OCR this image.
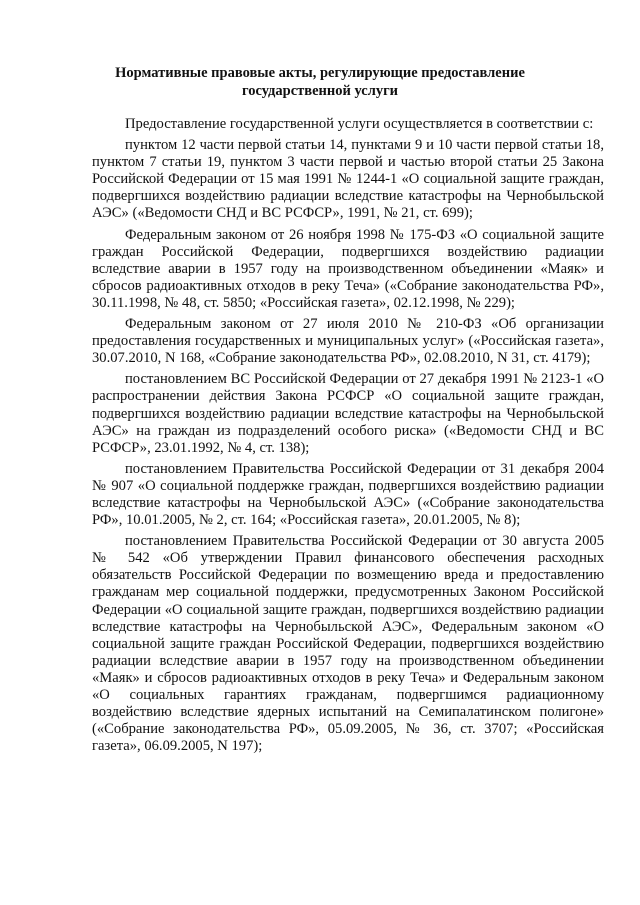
Нормативные правовые акты, регулирующие предоставление
государственной услуги

Предоставление государственной услуги осуществляется в соответствии с:

пунктом 12 части первой статьи 14, пунктами 9 и 10 части первой статьи 18, пунктом 7 статьи 19, пунктом 3 части первой и частью второй статьи 25 Закона Российской Федерации от 15 мая 1991 № 1244-1 «О социальной защите граждан, подвергшихся воздействию радиации вследствие катастрофы на Чернобыльской АЭС» («Ведомости СНД и ВС РСФСР», 1991, № 21, ст. 699);

Федеральным законом от 26 ноября 1998 № 175-ФЗ «О социальной защите граждан Российской Федерации, подвергшихся воздействию радиации вследствие аварии в 1957 году на производственном объединении «Маяк» и сбросов радиоактивных отходов в реку Теча» («Собрание законодательства РФ», 30.11.1998, № 48, ст. 5850; «Российская газета», 02.12.1998, № 229);

Федеральным законом от 27 июля 2010 № 210-ФЗ «Об организации предоставления государственных и муниципальных услуг» («Российская газета», 30.07.2010, N 168, «Собрание законодательства РФ», 02.08.2010, N 31, ст. 4179);

постановлением ВС Российской Федерации от 27 декабря 1991 № 2123-1 «О распространении действия Закона РСФСР «О социальной защите граждан, подвергшихся воздействию радиации вследствие катастрофы на Чернобыльской АЭС» на граждан из подразделений особого риска» («Ведомости СНД и ВС РСФСР», 23.01.1992, № 4, ст. 138);

постановлением Правительства Российской Федерации от 31 декабря 2004 № 907 «О социальной поддержке граждан, подвергшихся воздействию радиации вследствие катастрофы на Чернобыльской АЭС» («Собрание законодательства РФ», 10.01.2005, № 2, ст. 164; «Российская газета», 20.01.2005, № 8);

постановлением Правительства Российской Федерации от 30 августа 2005 № 542 «Об утверждении Правил финансового обеспечения расходных обязательств Российской Федерации по возмещению вреда и предоставлению гражданам мер социальной поддержки, предусмотренных Законом Российской Федерации «О социальной защите граждан, подвергшихся воздействию радиации вследствие катастрофы на Чернобыльской АЭС», Федеральным законом «О социальной защите граждан Российской Федерации, подвергшихся воздействию радиации вследствие аварии в 1957 году на производственном объединении «Маяк» и сбросов радиоактивных отходов в реку Теча» и Федеральным законом «О социальных гарантиях гражданам, подвергшимся радиационному воздействию вследствие ядерных испытаний на Семипалатинском полигоне» («Собрание законодательства РФ», 05.09.2005, № 36, ст. 3707; «Российская газета», 06.09.2005, N 197);
